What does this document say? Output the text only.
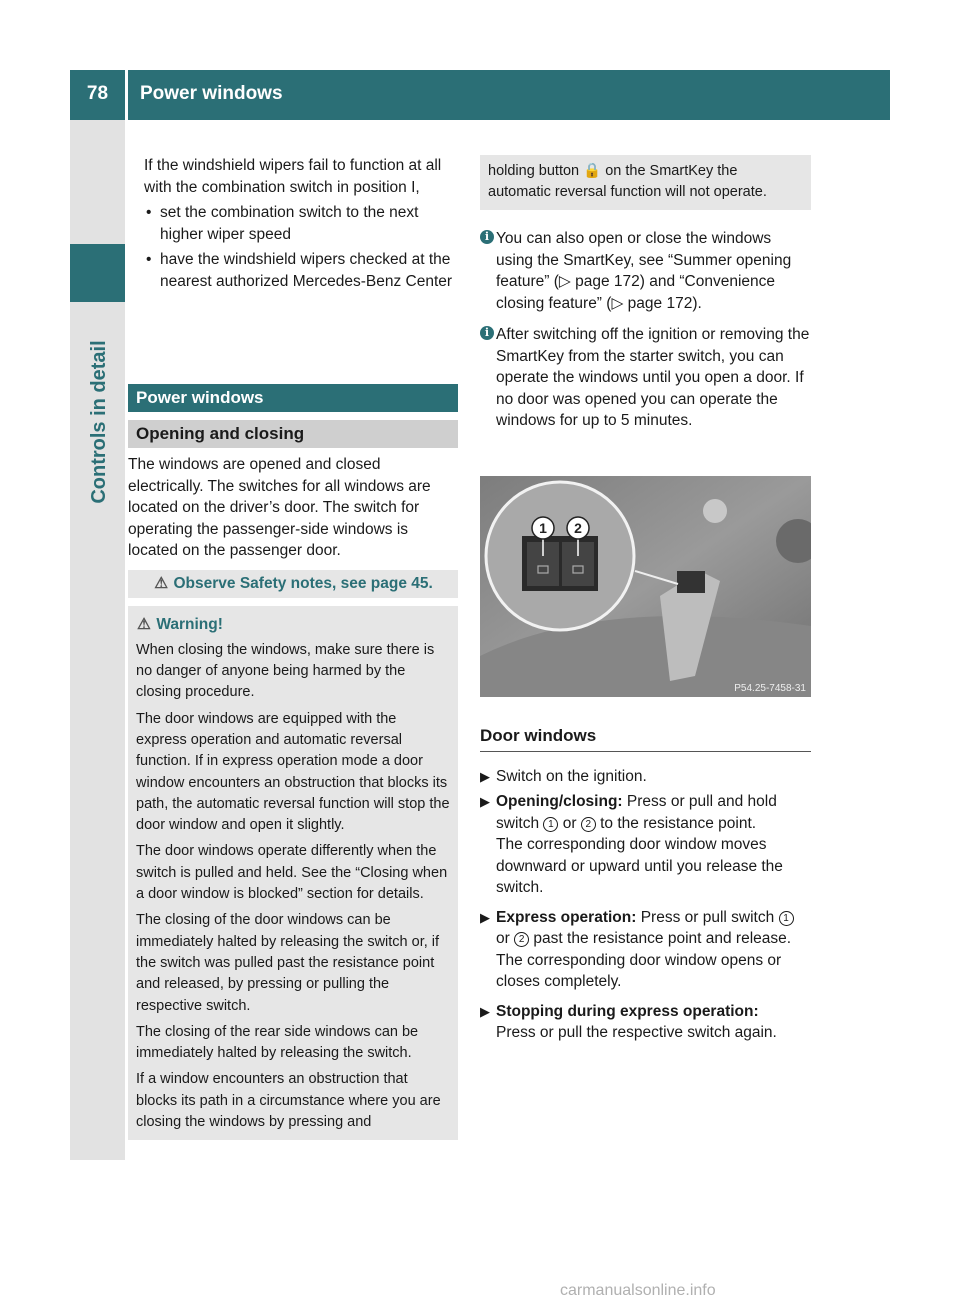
78	Power windows
Controls in detail

If the windshield wipers fail to function at all with the combination switch in position I,

• set the combination switch to the next higher wiper speed
• have the windshield wipers checked at the nearest authorized Mercedes-Benz Center
Power windows
Opening and closing

The windows are opened and closed electrically. The switches for all windows are located on the driver’s door. The switch for operating the passenger-side windows is located on the passenger door.

⚠ Observe Safety notes, see page 45.

⚠ Warning!

When closing the windows, make sure there is no danger of anyone being harmed by the closing procedure.

The door windows are equipped with the express operation and automatic reversal function. If in express operation mode a door window encounters an obstruction that blocks its path, the automatic reversal function will stop the door window and open it slightly.

The door windows operate differently when the switch is pulled and held. See the “Closing when a door window is blocked” section for details.

The closing of the door windows can be immediately halted by releasing the switch or, if the switch was pulled past the resistance point and released, by pressing or pulling the respective switch.

The closing of the rear side windows can be immediately halted by releasing the switch.

If a window encounters an obstruction that blocks its path in a circumstance where you are closing the windows by pressing and

holding button 🔒 on the SmartKey the automatic reversal function will not operate.
i You can also open or close the windows using the SmartKey, see “Summer opening feature” (▷ page 172) and “Convenience closing feature” (▷ page 172).
i After switching off the ignition or removing the SmartKey from the starter switch, you can operate the windows until you open a door. If no door was opened you can operate the windows for up to 5 minutes.
1 2
P54.25-7458-31
Door windows
▶ Switch on the ignition.
▶ Opening/closing: Press or pull and hold switch 1 or 2 to the resistance point.
The corresponding door window moves downward or upward until you release the switch.
▶ Express operation: Press or pull switch 1 or 2 past the resistance point and release.
The corresponding door window opens or closes completely.
▶ Stopping during express operation:
Press or pull the respective switch again.
carmanualsonline.info
